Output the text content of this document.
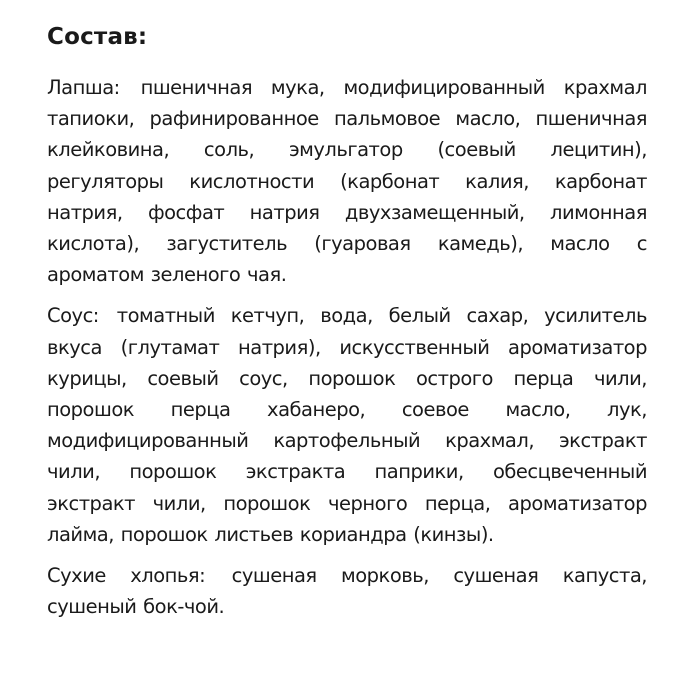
Состав:

Лапша: пшеничная мука, модифицированный крахмал тапиоки, рафинированное пальмовое масло, пшеничная клейковина, соль, эмульгатор (соевый лецитин), регуляторы кислотности (карбонат калия, карбонат натрия, фосфат натрия двухзамещенный, лимонная кислота), загуститель (гуаровая камедь), масло с ароматом зеленого чая.

Соус: томатный кетчуп, вода, белый сахар, усилитель вкуса (глутамат натрия), искусственный ароматизатор курицы, соевый соус, порошок острого перца чили, порошок перца хабанеро, соевое масло, лук, модифицированный картофельный крахмал, экстракт чили, порошок экстракта паприки, обесцвеченный экстракт чили, порошок черного перца, ароматизатор лайма, порошок листьев кориандра (кинзы).

Сухие хлопья: сушеная морковь, сушеная капуста, сушеный бок-чой.
